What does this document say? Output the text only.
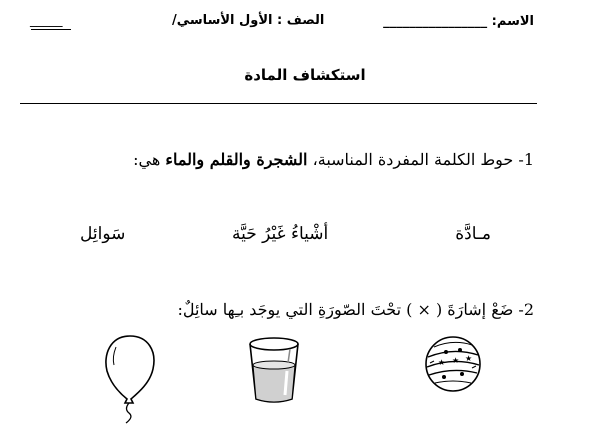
الاسم: ________________
الصف : الأول الأساسي/
_____
استكشاف المادة
1- حوط الكلمة المفردة المناسبة، الشجرة والقلم والماء هي:
مـادَّة
أشْياءُ غَيْرُ حَيَّة
سَوائِل
2- ضَعْ إشارَةَ ( × ) تحْتَ الصّورَةِ التي يوجَد بـِها سائِلٌ:
★ ★ ★
